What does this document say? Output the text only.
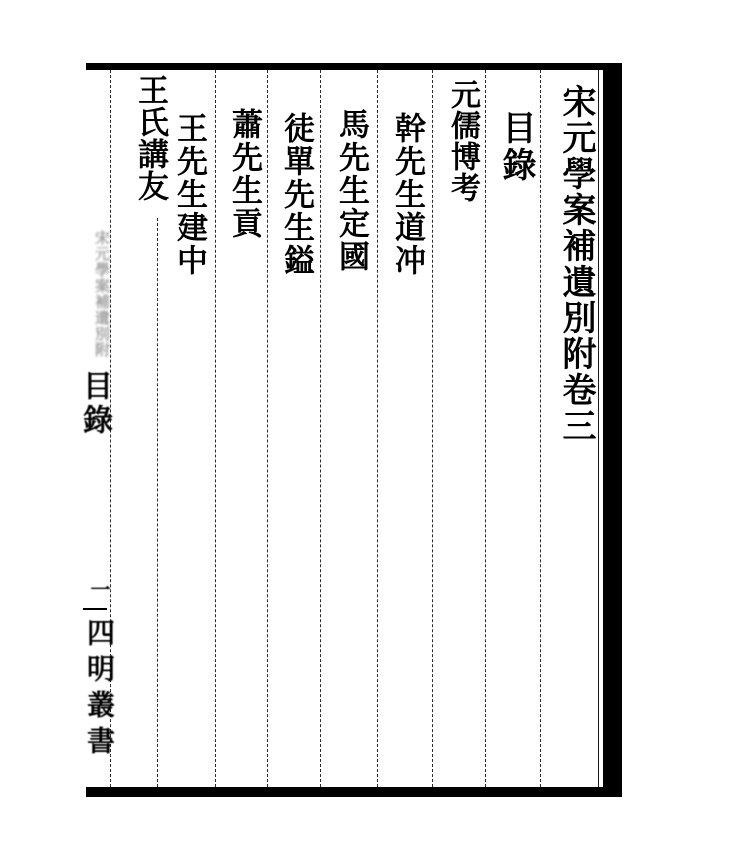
宋元學案補遺別附卷三
目錄
元儒博考
幹先生道冲
馬先生定國
徒單先生鎰
蕭先生貢
王先生建中
王氏講友
宋元學案補遺別附
目錄
一
四明叢書
